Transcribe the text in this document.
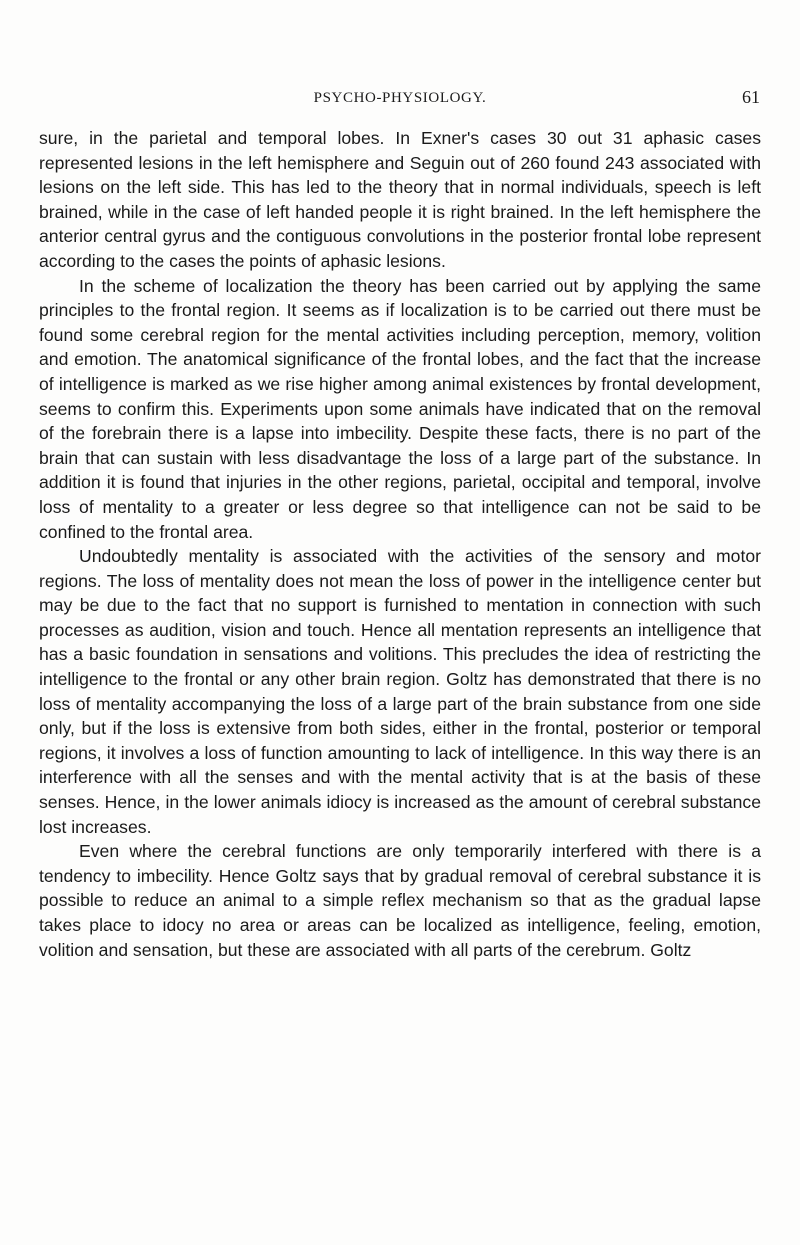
PSYCHO-PHYSIOLOGY.	61

sure, in the parietal and temporal lobes. In Exner's cases 30 out 31 aphasic cases represented lesions in the left hemisphere and Seguin out of 260 found 243 associated with lesions on the left side. This has led to the theory that in normal individuals, speech is left brained, while in the case of left handed people it is right brained. In the left hemisphere the anterior central gyrus and the contiguous convolutions in the posterior frontal lobe represent according to the cases the points of aphasic lesions.

In the scheme of localization the theory has been carried out by applying the same principles to the frontal region. It seems as if localization is to be carried out there must be found some cerebral region for the mental activities including perception, memory, volition and emotion. The anatomical significance of the frontal lobes, and the fact that the increase of intelligence is marked as we rise higher among animal existences by frontal development, seems to confirm this. Experiments upon some animals have indicated that on the removal of the forebrain there is a lapse into imbecility. Despite these facts, there is no part of the brain that can sustain with less disadvantage the loss of a large part of the substance. In addition it is found that injuries in the other regions, parietal, occipital and temporal, involve loss of mentality to a greater or less degree so that intelligence can not be said to be confined to the frontal area.

Undoubtedly mentality is associated with the activities of the sensory and motor regions. The loss of mentality does not mean the loss of power in the intelligence center but may be due to the fact that no support is furnished to mentation in connection with such processes as audition, vision and touch. Hence all mentation represents an intelligence that has a basic foundation in sensations and volitions. This precludes the idea of restricting the intelligence to the frontal or any other brain region. Goltz has demonstrated that there is no loss of mentality accompanying the loss of a large part of the brain substance from one side only, but if the loss is extensive from both sides, either in the frontal, posterior or temporal regions, it involves a loss of function amounting to lack of intelligence. In this way there is an interference with all the senses and with the mental activity that is at the basis of these senses. Hence, in the lower animals idiocy is increased as the amount of cerebral substance lost increases.

Even where the cerebral functions are only temporarily interfered with there is a tendency to imbecility. Hence Goltz says that by gradual removal of cerebral substance it is possible to reduce an animal to a simple reflex mechanism so that as the gradual lapse takes place to idocy no area or areas can be localized as intelligence, feeling, emotion, volition and sensation, but these are associated with all parts of the cerebrum. Goltz
